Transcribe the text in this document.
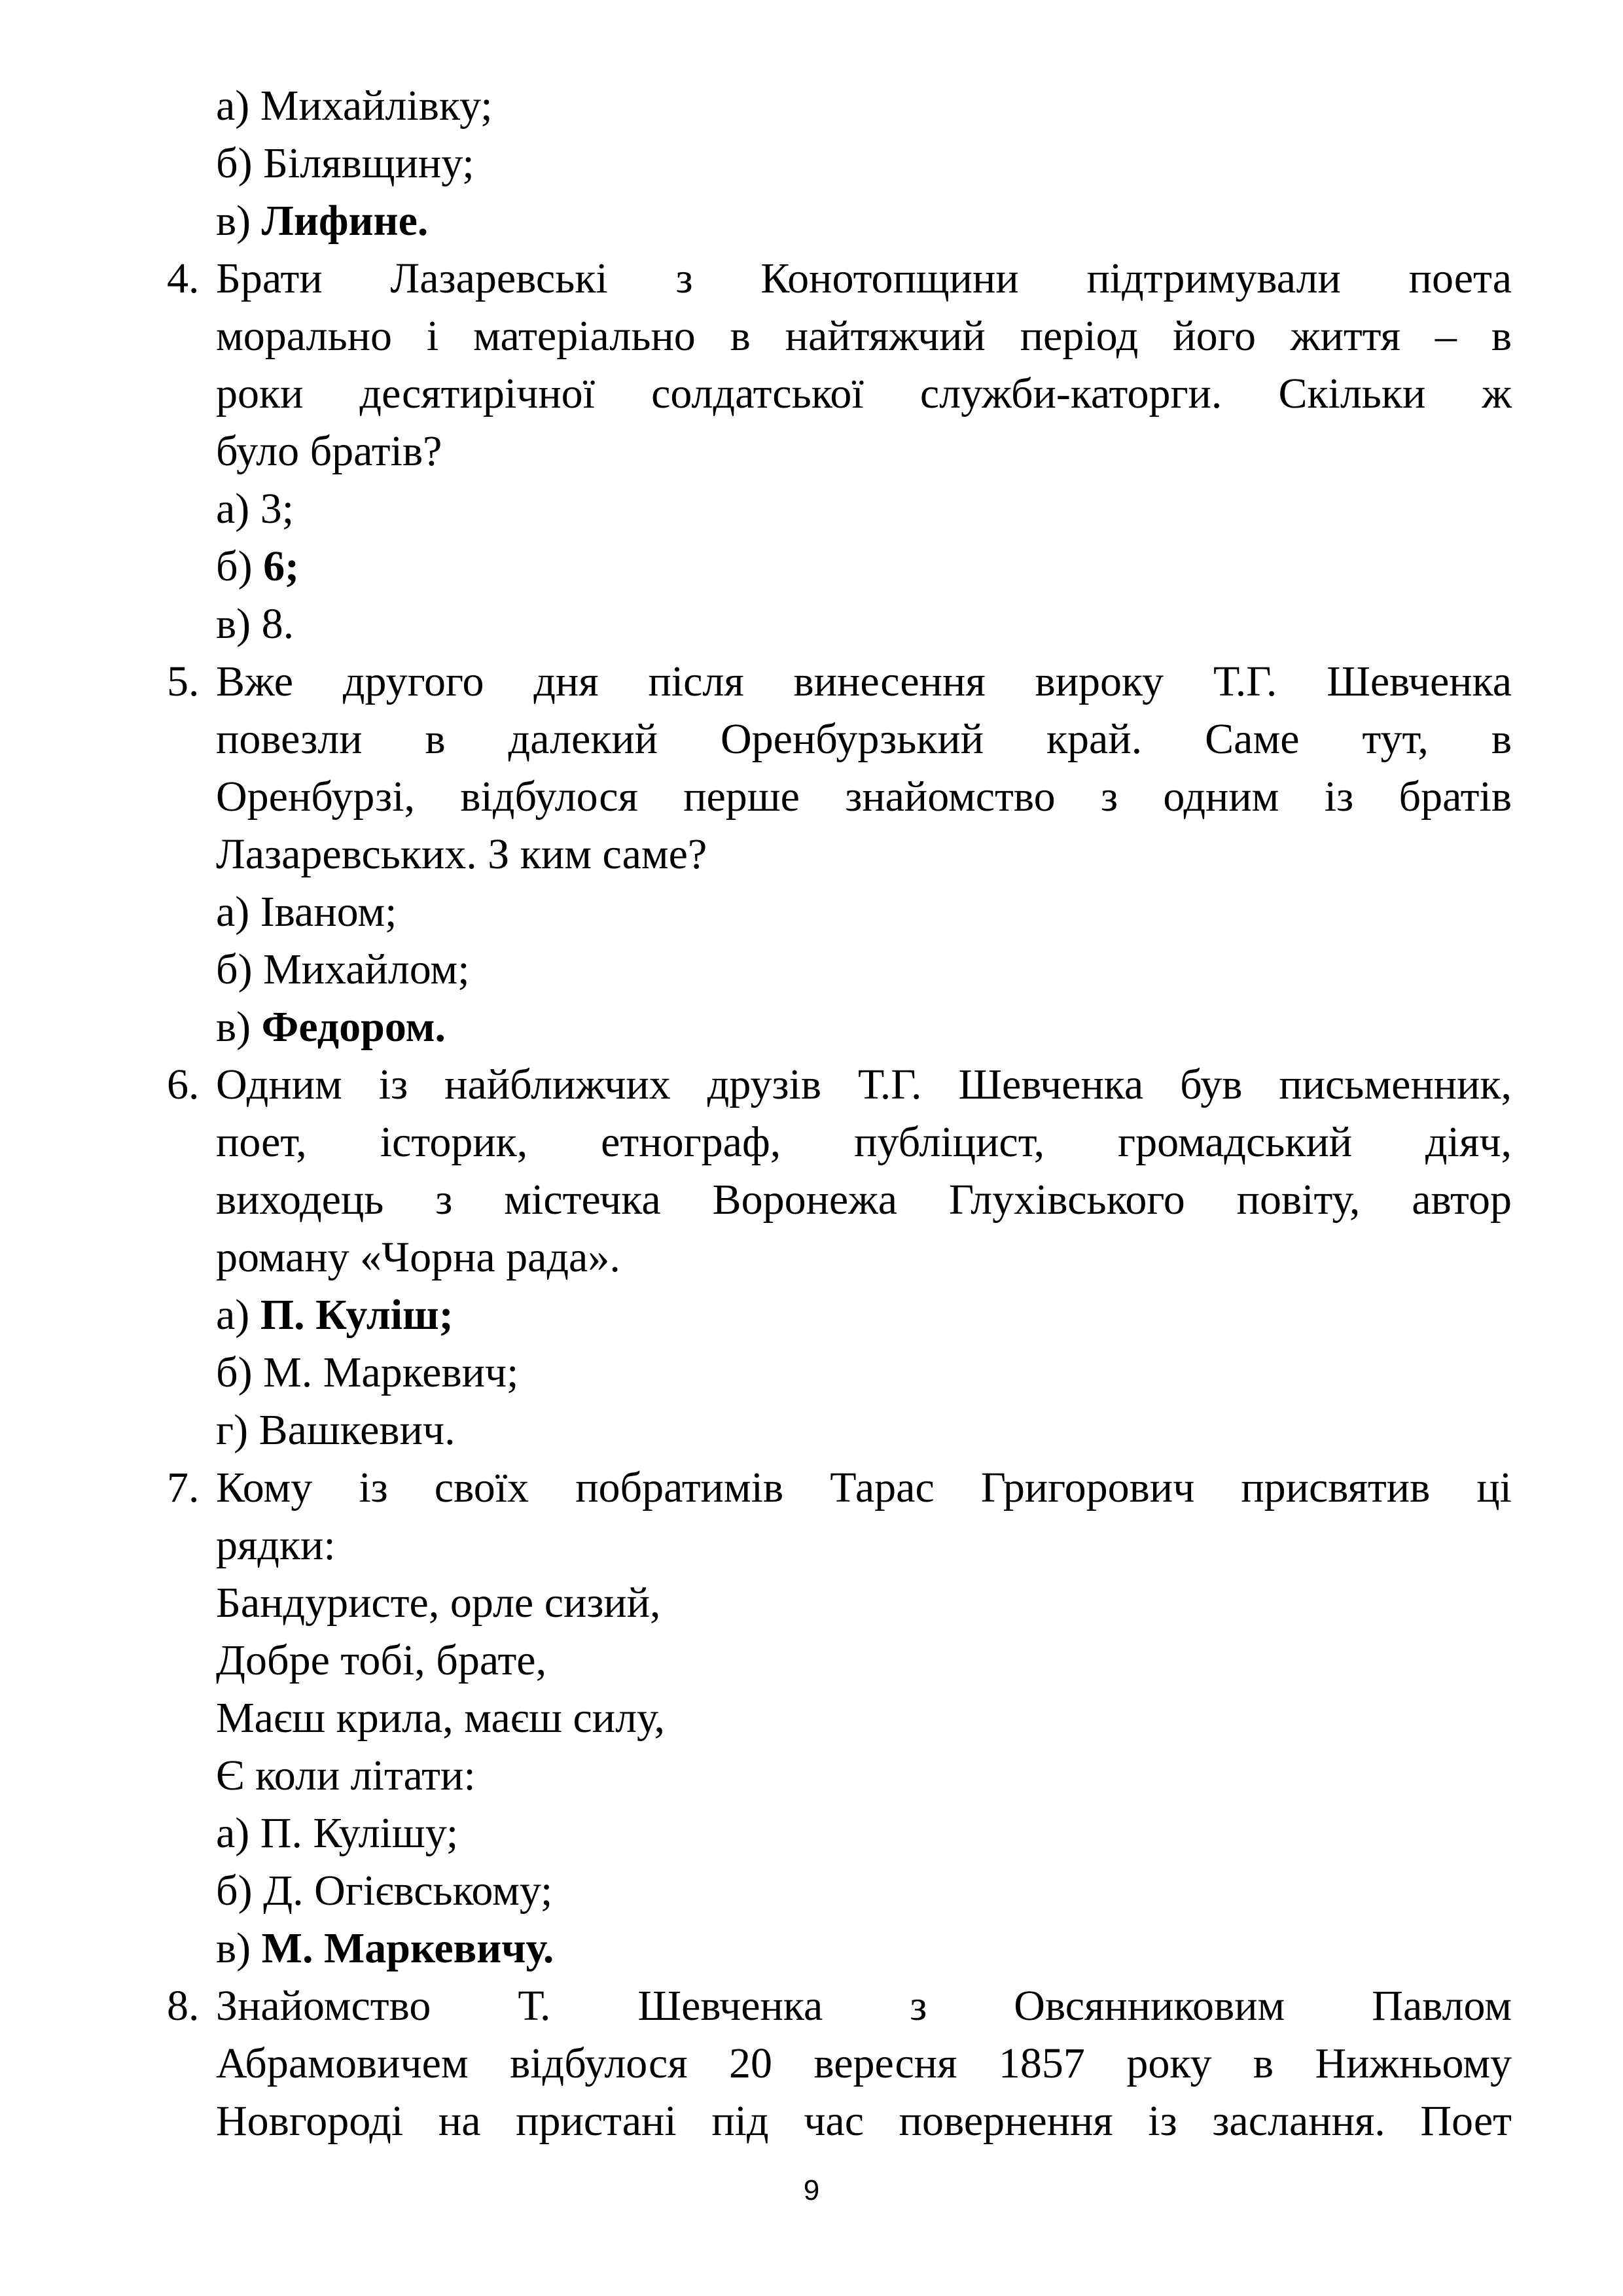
а) Михайлівку;
б) Білявщину;
в) Лифине.
4. Брати Лазаревські з Конотопщини підтримували поета
морально і матеріально в найтяжчий період його життя – в
роки десятирічної солдатської служби-каторги. Скільки ж
було братів?
а) 3;
б) 6;
в) 8.
5. Вже другого дня після винесення вироку Т.Г. Шевченка
повезли в далекий Оренбурзький край. Саме тут, в
Оренбурзі, відбулося перше знайомство з одним із братів
Лазаревських. З ким саме?
а) Іваном;
б) Михайлом;
в) Федором.
6. Одним із найближчих друзів Т.Г. Шевченка був письменник,
поет, історик, етнограф, публіцист, громадський діяч,
виходець з містечка Воронежа Глухівського повіту, автор
роману «Чорна рада».
а) П. Куліш;
б) М. Маркевич;
г) Вашкевич.
7. Кому із своїх побратимів Тарас Григорович присвятив ці
рядки:
Бандуристе, орле сизий,
Добре тобі, брате,
Маєш крила, маєш силу,
Є коли літати:
а) П. Кулішу;
б) Д. Огієвському;
в) М. Маркевичу.
8. Знайомство Т. Шевченка з Овсянниковим Павлом
Абрамовичем відбулося 20 вересня 1857 року в Нижньому
Новгороді на пристані під час повернення із заслання. Поет
9
